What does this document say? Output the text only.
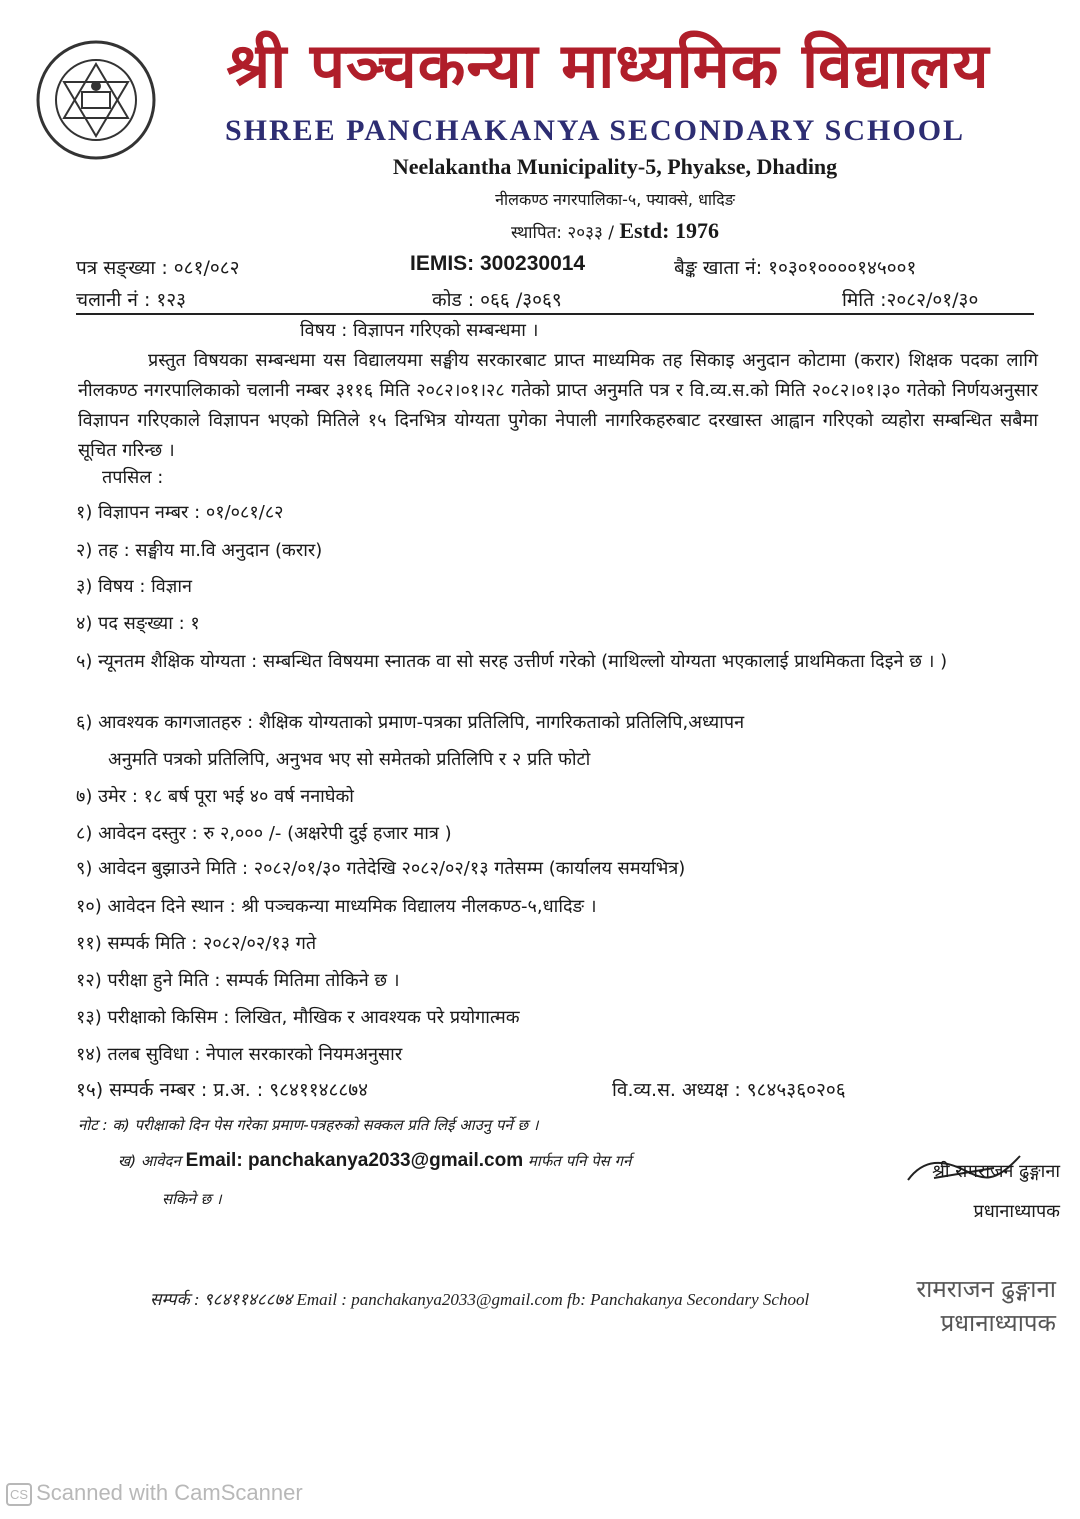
श्री पञ्चकन्या माध्यमिक विद्यालय
SHREE PANCHAKANYA SECONDARY SCHOOL
Neelakantha Municipality-5, Phyakse, Dhading
नीलकण्ठ नगरपालिका-५, फ्याक्से, धादिङ
स्थापित: २०३३ / Estd: 1976
पत्र सङ्ख्या : ०८१/०८२	IEMIS: 300230014	बैङ्क खाता नं: १०३०१००००१४५००१
चलानी नं : १२३	कोड : ०६६ /३०६९	मिति :२०८२/०१/३०
विषय : विज्ञापन गरिएको सम्बन्धमा ।
प्रस्तुत विषयका सम्बन्धमा यस विद्यालयमा सङ्घीय सरकारबाट प्राप्त माध्यमिक तह सिकाइ अनुदान कोटामा (करार) शिक्षक पदका लागि नीलकण्ठ नगरपालिकाको चलानी नम्बर ३११६ मिति २०८२।०१।२८ गतेको प्राप्त अनुमति पत्र र वि.व्य.स.को मिति २०८२।०१।३० गतेको निर्णयअनुसार विज्ञापन गरिएकाले विज्ञापन भएको मितिले १५ दिनभित्र योग्यता पुगेका नेपाली नागरिकहरुबाट दरखास्त आह्वान गरिएको व्यहोरा सम्बन्धित सबैमा सूचित गरिन्छ ।
तपसिल :
१) विज्ञापन नम्बर : ०१/०८१/८२
२) तह : सङ्घीय मा.वि अनुदान (करार)
३) विषय : विज्ञान
४) पद सङ्ख्या : १
५) न्यूनतम शैक्षिक योग्यता : सम्बन्धित विषयमा स्नातक वा सो सरह उत्तीर्ण गरेको (माथिल्लो योग्यता भएकालाई प्राथमिकता दिइने छ । )
६) आवश्यक कागजातहरु : शैक्षिक योग्यताको प्रमाण-पत्रका प्रतिलिपि, नागरिकताको प्रतिलिपि,अध्यापन
अनुमति पत्रको प्रतिलिपि, अनुभव भए सो समेतको प्रतिलिपि र २ प्रति फोटो
७) उमेर : १८ बर्ष पूरा भई ४० वर्ष ननाघेको
८) आवेदन दस्तुर : रु २,००० /- (अक्षरेपी दुई हजार मात्र )
९) आवेदन बुझाउने मिति : २०८२/०१/३० गतेदेखि २०८२/०२/१३ गतेसम्म (कार्यालय समयभित्र)
१०) आवेदन दिने स्थान : श्री पञ्चकन्या माध्यमिक विद्यालय नीलकण्ठ-५,धादिङ ।
११) सम्पर्क मिति : २०८२/०२/१३ गते
१२) परीक्षा हुने मिति : सम्पर्क मितिमा तोकिने छ ।
१३) परीक्षाको किसिम : लिखित, मौखिक र आवश्यक परे प्रयोगात्मक
१४) तलब सुविधा : नेपाल सरकारको नियमअनुसार
१५) सम्पर्क नम्बर : प्र.अ. : ९८४११४८८७४	वि.व्य.स. अध्यक्ष : ९८४५३६०२०६
नोट : क) परीक्षाको दिन पेस गरेका प्रमाण-पत्रहरुको सक्कल प्रति लिई आउनु पर्ने छ ।
ख) आवेदन Email: panchakanya2033@gmail.com मार्फत पनि पेस गर्न
सकिने छ ।
श्री रामराजन ढुङ्गाना
प्रधानाध्यापक
सम्पर्क : ९८४११४८८७४ Email : panchakanya2033@gmail.com fb: Panchakanya Secondary School	रामराजन ढुङ्गाना
प्रधानाध्यापक
CS Scanned with CamScanner
